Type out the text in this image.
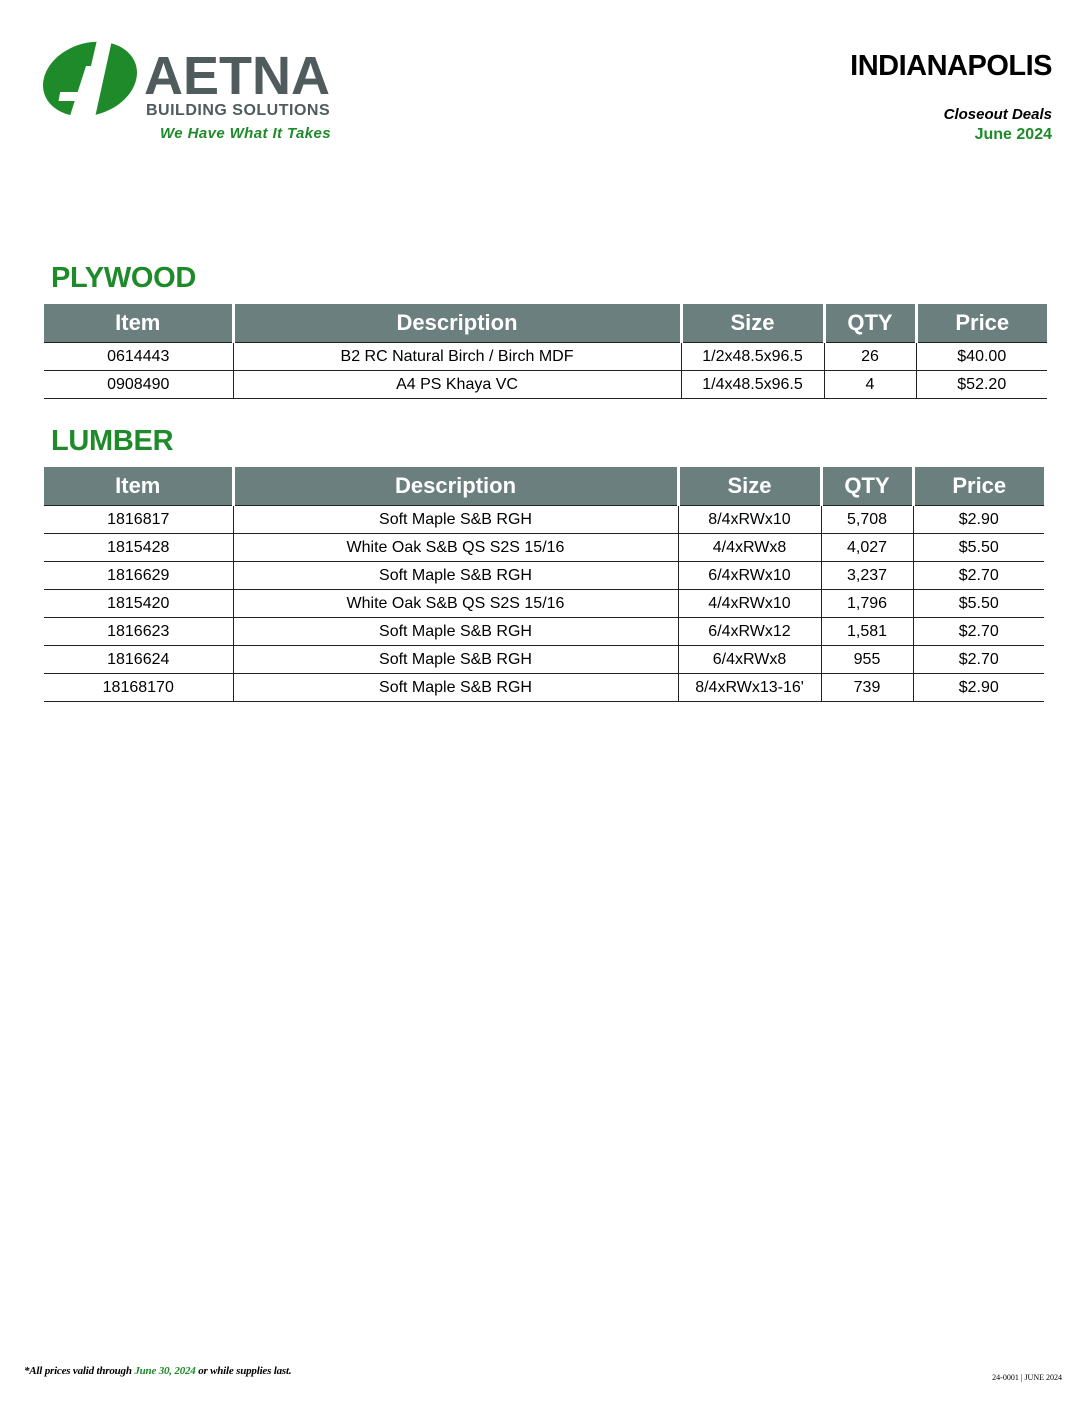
AETNA
BUILDING SOLUTIONS
We Have What It Takes
INDIANAPOLIS
Closeout Deals
June 2024
PLYWOOD
Item	Description	Size	QTY	Price
0614443	B2 RC Natural Birch / Birch MDF	1/2x48.5x96.5	26	$40.00
0908490	A4 PS Khaya VC	1/4x48.5x96.5	4	$52.20
LUMBER
Item	Description	Size	QTY	Price
1816817	Soft Maple S&B RGH	8/4xRWx10	5,708	$2.90
1815428	White Oak S&B QS S2S 15/16	4/4xRWx8	4,027	$5.50
1816629	Soft Maple S&B RGH	6/4xRWx10	3,237	$2.70
1815420	White Oak S&B QS S2S 15/16	4/4xRWx10	1,796	$5.50
1816623	Soft Maple S&B RGH	6/4xRWx12	1,581	$2.70
1816624	Soft Maple S&B RGH	6/4xRWx8	955	$2.70
18168170	Soft Maple S&B RGH	8/4xRWx13-16'	739	$2.90
*All prices valid through June 30, 2024 or while supplies last.
24-0001 | JUNE 2024
